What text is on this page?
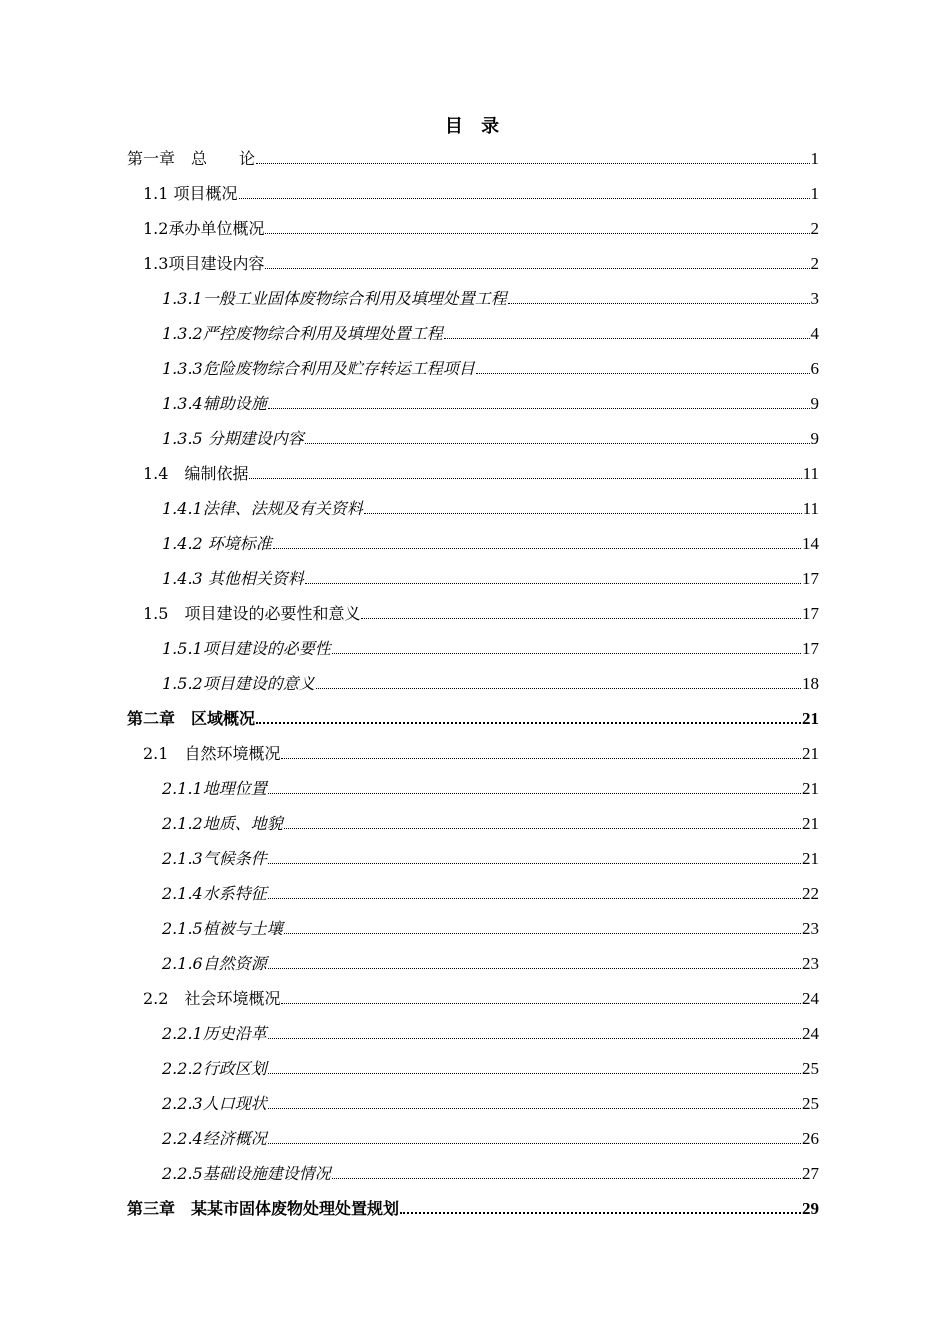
目 录
第一章　总　　论	1
1.1 项目概况	1
1.2承办单位概况	2
1.3项目建设内容	2
1.3.1一般工业固体废物综合利用及填埋处置工程	3
1.3.2严控废物综合利用及填埋处置工程	4
1.3.3危险废物综合利用及贮存转运工程项目	6
1.3.4辅助设施	9
1.3.5 分期建设内容	9
1.4　编制依据	11
1.4.1法律、法规及有关资料	11
1.4.2 环境标准	14
1.4.3 其他相关资料	17
1.5　项目建设的必要性和意义	17
1.5.1项目建设的必要性	17
1.5.2项目建设的意义	18
第二章　区域概况	21
2.1　自然环境概况	21
2.1.1地理位置	21
2.1.2地质、地貌	21
2.1.3气候条件	21
2.1.4水系特征	22
2.1.5植被与土壤	23
2.1.6自然资源	23
2.2　社会环境概况	24
2.2.1历史沿革	24
2.2.2行政区划	25
2.2.3人口现状	25
2.2.4经济概况	26
2.2.5基础设施建设情况	27
第三章　某某市固体废物处理处置规划	29
